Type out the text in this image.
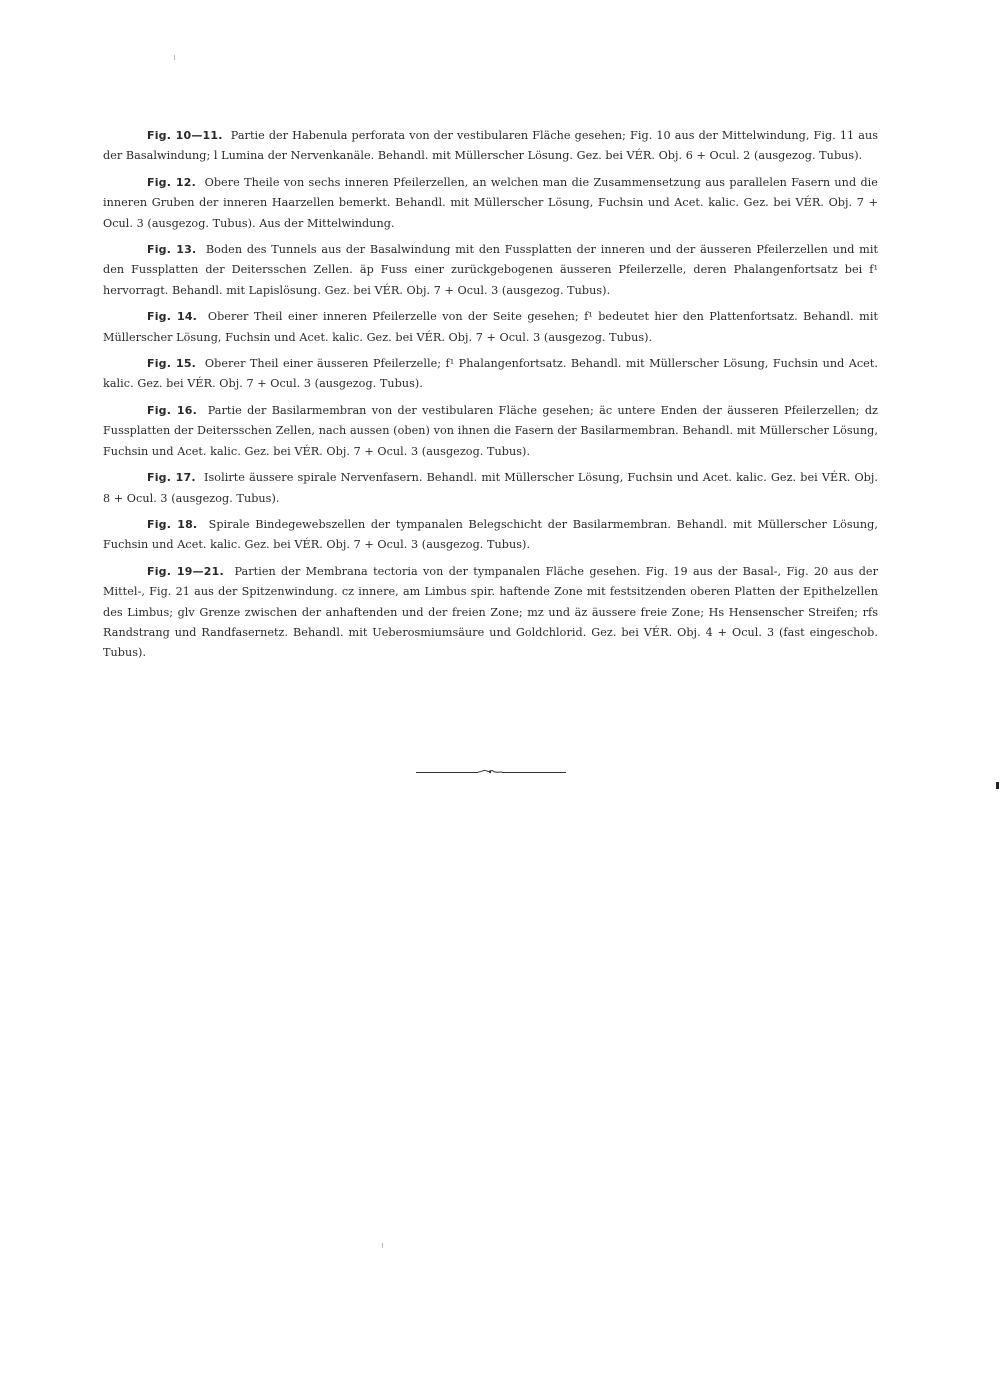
Fig. 10—11. Partie der Habenula perforata von der vestibularen Fläche gesehen; Fig. 10 aus der Mittelwindung, Fig. 11 aus der Basalwindung; l Lumina der Nervenkanäle. Behandl. mit Müllerscher Lösung. Gez. bei VÉR. Obj. 6 + Ocul. 2 (ausgezog. Tubus).

Fig. 12. Obere Theile von sechs inneren Pfeilerzellen, an welchen man die Zusammensetzung aus parallelen Fasern und die inneren Gruben der inneren Haarzellen bemerkt. Behandl. mit Müllerscher Lösung, Fuchsin und Acet. kalic. Gez. bei VÉR. Obj. 7 + Ocul. 3 (ausgezog. Tubus). Aus der Mittelwindung.

Fig. 13. Boden des Tunnels aus der Basalwindung mit den Fussplatten der inneren und der äusseren Pfeilerzellen und mit den Fussplatten der Deitersschen Zellen. äp Fuss einer zurückgebogenen äusseren Pfeilerzelle, deren Phalangenfortsatz bei f¹ hervorragt. Behandl. mit Lapislösung. Gez. bei VÉR. Obj. 7 + Ocul. 3 (ausgezog. Tubus).

Fig. 14. Oberer Theil einer inneren Pfeilerzelle von der Seite gesehen; f¹ bedeutet hier den Plattenfortsatz. Behandl. mit Müllerscher Lösung, Fuchsin und Acet. kalic. Gez. bei VÉR. Obj. 7 + Ocul. 3 (ausgezog. Tubus).

Fig. 15. Oberer Theil einer äusseren Pfeilerzelle; f¹ Phalangenfortsatz. Behandl. mit Müllerscher Lösung, Fuchsin und Acet. kalic. Gez. bei VÉR. Obj. 7 + Ocul. 3 (ausgezog. Tubus).

Fig. 16. Partie der Basilarmembran von der vestibularen Fläche gesehen; äc untere Enden der äusseren Pfeilerzellen; dz Fussplatten der Deitersschen Zellen, nach aussen (oben) von ihnen die Fasern der Basilarmembran. Behandl. mit Müllerscher Lösung, Fuchsin und Acet. kalic. Gez. bei VÉR. Obj. 7 + Ocul. 3 (ausgezog. Tubus).

Fig. 17. Isolirte äussere spirale Nervenfasern. Behandl. mit Müllerscher Lösung, Fuchsin und Acet. kalic. Gez. bei VÉR. Obj. 8 + Ocul. 3 (ausgezog. Tubus).

Fig. 18. Spirale Bindegewebszellen der tympanalen Belegschicht der Basilarmembran. Behandl. mit Müllerscher Lösung, Fuchsin und Acet. kalic. Gez. bei VÉR. Obj. 7 + Ocul. 3 (ausgezog. Tubus).

Fig. 19—21. Partien der Membrana tectoria von der tympanalen Fläche gesehen. Fig. 19 aus der Basal-, Fig. 20 aus der Mittel-, Fig. 21 aus der Spitzenwindung. cz innere, am Limbus spir. haftende Zone mit festsitzenden oberen Platten der Epithelzellen des Limbus; glv Grenze zwischen der anhaftenden und der freien Zone; mz und äz äussere freie Zone; Hs Hensenscher Streifen; rfs Randstrang und Randfasernetz. Behandl. mit Ueberosmiumsäure und Goldchlorid. Gez. bei VÉR. Obj. 4 + Ocul. 3 (fast eingeschob. Tubus).
